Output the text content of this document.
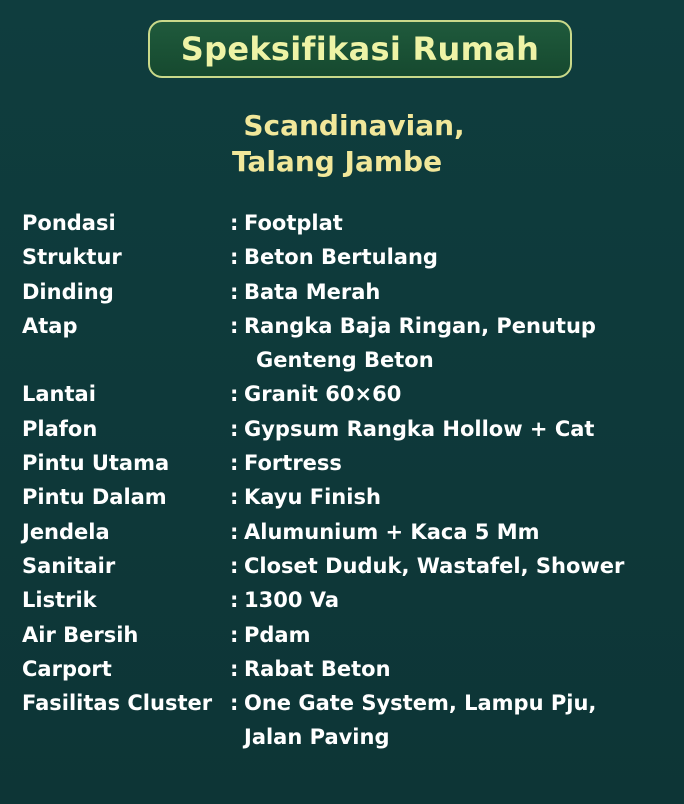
Speksifikasi Rumah
Scandinavian,
Talang Jambe
Pondasi	: Footplat
Struktur	: Beton Bertulang
Dinding	: Bata Merah
Atap	: Rangka Baja Ringan, Penutup
Genteng Beton
Lantai	: Granit 60×60
Plafon	: Gypsum Rangka Hollow + Cat
Pintu Utama	: Fortress
Pintu Dalam	: Kayu Finish
Jendela	: Alumunium + Kaca 5 Mm
Sanitair	: Closet Duduk, Wastafel, Shower
Listrik	: 1300 Va
Air Bersih	: Pdam
Carport	: Rabat Beton
Fasilitas Cluster : One Gate System, Lampu Pju,
Jalan Paving
